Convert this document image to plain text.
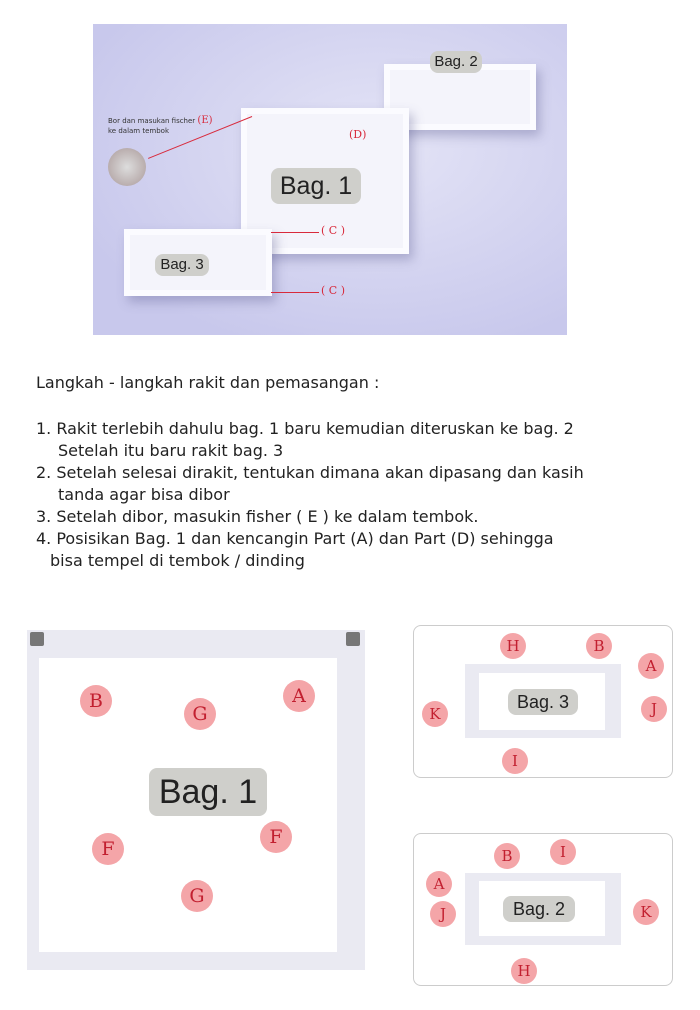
Bag. 2
Bag. 1
Bag. 3
Bor dan masukan fischer (E)
ke dalam tembok	(D)
( C )
( C )
Langkah - langkah rakit dan pemasangan :
1. Rakit terlebih dahulu bag. 1 baru kemudian diteruskan ke bag. 2
Setelah itu baru rakit bag. 3
2. Setelah selesai dirakit, tentukan dimana akan dipasang dan kasih
tanda agar bisa dibor
3. Setelah dibor, masukin fisher ( E ) ke dalam tembok.
4. Posisikan Bag. 1 dan kencangin Part (A) dan Part (D) sehingga
bisa tempel di tembok / dinding
Bag. 1
B
G
A
F
F
G
Bag. 3
H	B
A
K	J
I
Bag. 2
B	I
A
J	K
H
